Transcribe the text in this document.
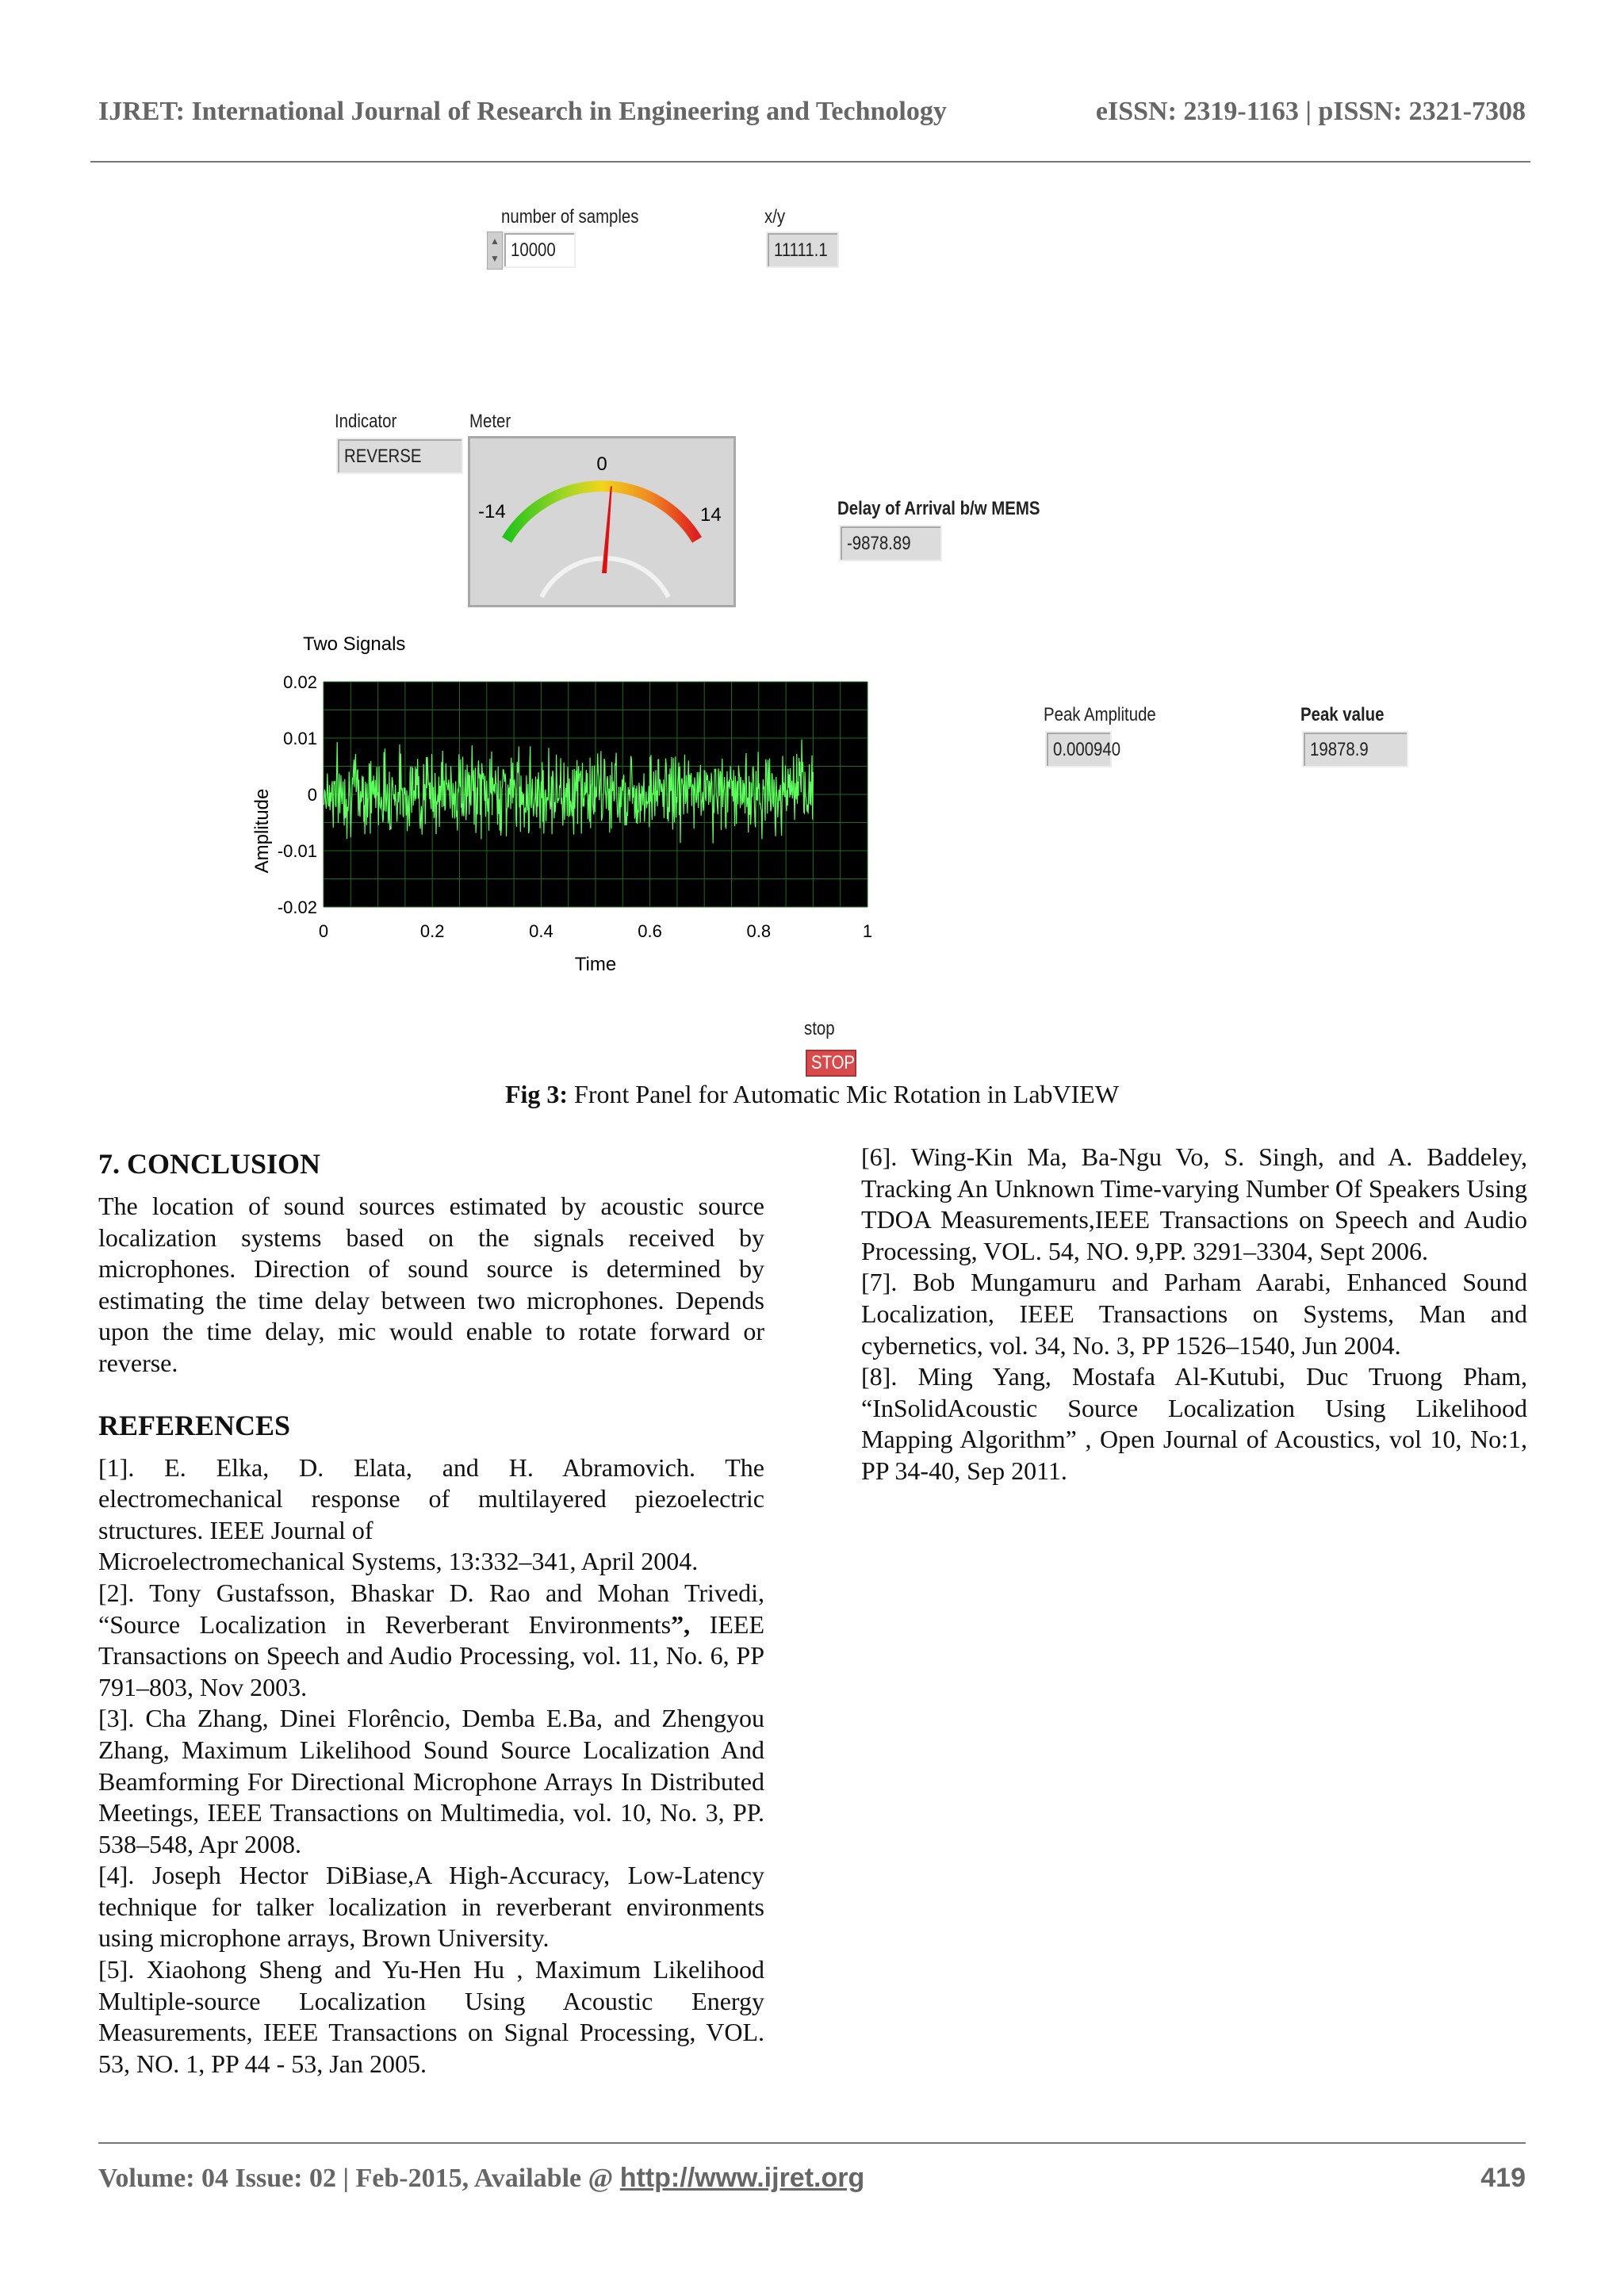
IJRET: International Journal of Research in Engineering and Technology	eISSN: 2319-1163 | pISSN: 2321-7308
number of samples
▲
▼ 10000
x/y
11111.1
Indicator
REVERSE
Meter
0
-14	14	Delay of Arrival b/w MEMS
-9878.89
Two Signals
0.02
0.01
0
-0.01
-0.02
0	0.2	0.4	0.6	0.8	1
Amplitude
Time
Peak Amplitude
0.000940
Peak value
19878.9
stop
STOP
Fig 3: Front Panel for Automatic Mic Rotation in LabVIEW
7. CONCLUSION

The location of sound sources estimated by acoustic source localization systems based on the signals received by microphones. Direction of sound source is determined by estimating the time delay between two microphones. Depends upon the time delay, mic would enable to rotate forward or reverse.

REFERENCES

[1]. E. Elka, D. Elata, and H. Abramovich. The electromechanical response of multilayered piezoelectric structures. IEEE Journal of

Microelectromechanical Systems, 13:332–341, April 2004.

[2]. Tony Gustafsson, Bhaskar D. Rao and Mohan Trivedi, “Source Localization in Reverberant Environments”, IEEE Transactions on Speech and Audio Processing, vol. 11, No. 6, PP 791–803, Nov 2003.

[3]. Cha Zhang, Dinei Florêncio, Demba E.Ba, and Zhengyou Zhang, Maximum Likelihood Sound Source Localization And Beamforming For Directional Microphone Arrays In Distributed Meetings, IEEE Transactions on Multimedia, vol. 10, No. 3, PP. 538–548, Apr 2008.

[4]. Joseph Hector DiBiase,A High-Accuracy, Low-Latency technique for talker localization in reverberant environments using microphone arrays, Brown University.

[5]. Xiaohong Sheng and Yu-Hen Hu , Maximum Likelihood Multiple-source Localization Using Acoustic Energy Measurements, IEEE Transactions on Signal Processing, VOL. 53, NO. 1, PP 44 - 53, Jan 2005.

[6]. Wing-Kin Ma, Ba-Ngu Vo, S. Singh, and A. Baddeley, Tracking An Unknown Time-varying Number Of Speakers Using TDOA Measurements,IEEE Transactions on Speech and Audio Processing, VOL. 54, NO. 9,PP. 3291–3304, Sept 2006.

[7]. Bob Mungamuru and Parham Aarabi, Enhanced Sound Localization, IEEE Transactions on Systems, Man and cybernetics, vol. 34, No. 3, PP 1526–1540, Jun 2004.

[8]. Ming Yang, Mostafa Al-Kutubi, Duc Truong Pham, “InSolidAcoustic Source Localization Using Likelihood Mapping Algorithm” , Open Journal of Acoustics, vol 10, No:1, PP 34-40, Sep 2011.

Volume: 04 Issue: 02 | Feb-2015, Available @ http://www.ijret.org	419
